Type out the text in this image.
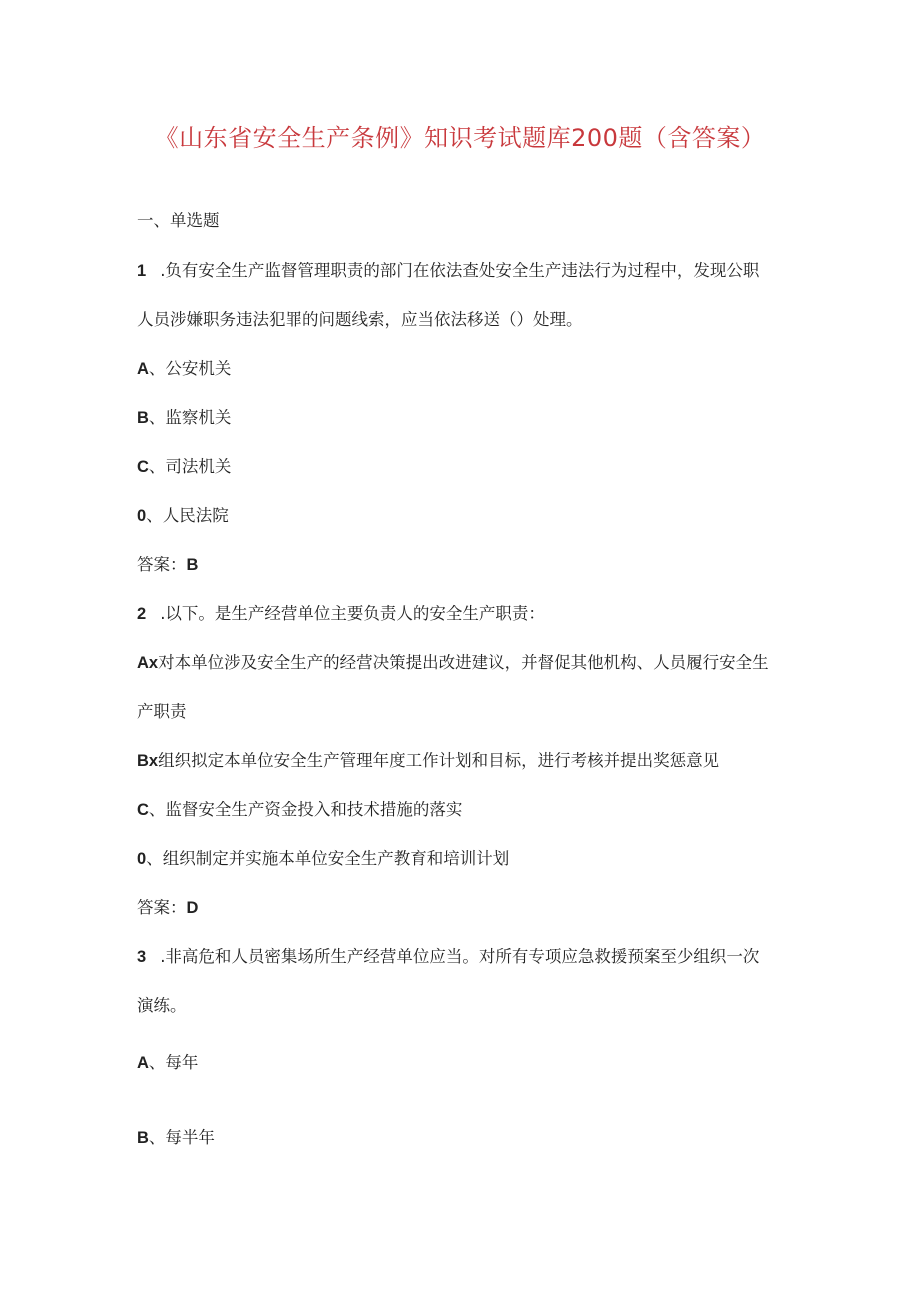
《山东省安全生产条例》知识考试题库200题（含答案）
一、单选题
1 .负有安全生产监督管理职责的部门在依法查处安全生产违法行为过程中，发现公职
人员涉嫌职务违法犯罪的问题线索，应当依法移送（）处理。
A、公安机关
B、监察机关
C、司法机关
0、人民法院
答案：B
2 .以下。是生产经营单位主要负责人的安全生产职责：
Ax对本单位涉及安全生产的经营决策提出改进建议，并督促其他机构、人员履行安全生
产职责
Bx组织拟定本单位安全生产管理年度工作计划和目标，进行考核并提出奖惩意见
C、监督安全生产资金投入和技术措施的落实
0、组织制定并实施本单位安全生产教育和培训计划
答案：D
3 .非高危和人员密集场所生产经营单位应当。对所有专项应急救援预案至少组织一次
演练。
A、每年
B、每半年
